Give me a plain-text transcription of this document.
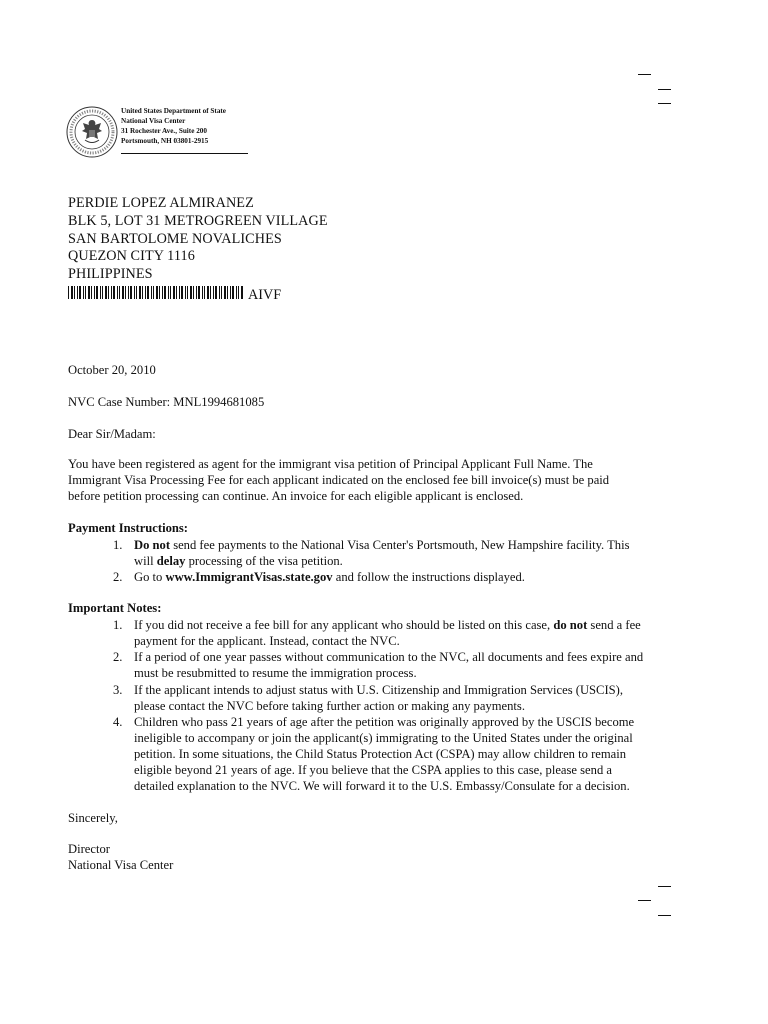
United States Department of State
National Visa Center
31 Rochester Ave., Suite 200
Portsmouth, NH 03801-2915
PERDIE LOPEZ ALMIRANEZ
BLK 5, LOT 31 METROGREEN VILLAGE
SAN BARTOLOME NOVALICHES
QUEZON CITY 1116
PHILIPPINES
AIVF
October 20, 2010
NVC Case Number: MNL1994681085
Dear Sir/Madam:

You have been registered as agent for the immigrant visa petition of Principal Applicant Full Name. The

Immigrant Visa Processing Fee for each applicant indicated on the enclosed fee bill invoice(s) must be paid

before petition processing can continue. An invoice for each eligible applicant is enclosed.

Payment Instructions:
1. Do not send fee payments to the National Visa Center's Portsmouth, New Hampshire facility. This
will delay processing of the visa petition.
2. Go to www.ImmigrantVisas.state.gov and follow the instructions displayed.
Important Notes:
1. If you did not receive a fee bill for any applicant who should be listed on this case, do not send a fee
payment for the applicant. Instead, contact the NVC.
2. If a period of one year passes without communication to the NVC, all documents and fees expire and
must be resubmitted to resume the immigration process.
3. If the applicant intends to adjust status with U.S. Citizenship and Immigration Services (USCIS),
please contact the NVC before taking further action or making any payments.
4. Children who pass 21 years of age after the petition was originally approved by the USCIS become
ineligible to accompany or join the applicant(s) immigrating to the United States under the original
petition. In some situations, the Child Status Protection Act (CSPA) may allow children to remain
eligible beyond 21 years of age. If you believe that the CSPA applies to this case, please send a
detailed explanation to the NVC. We will forward it to the U.S. Embassy/Consulate for a decision.
Sincerely,
Director
National Visa Center
